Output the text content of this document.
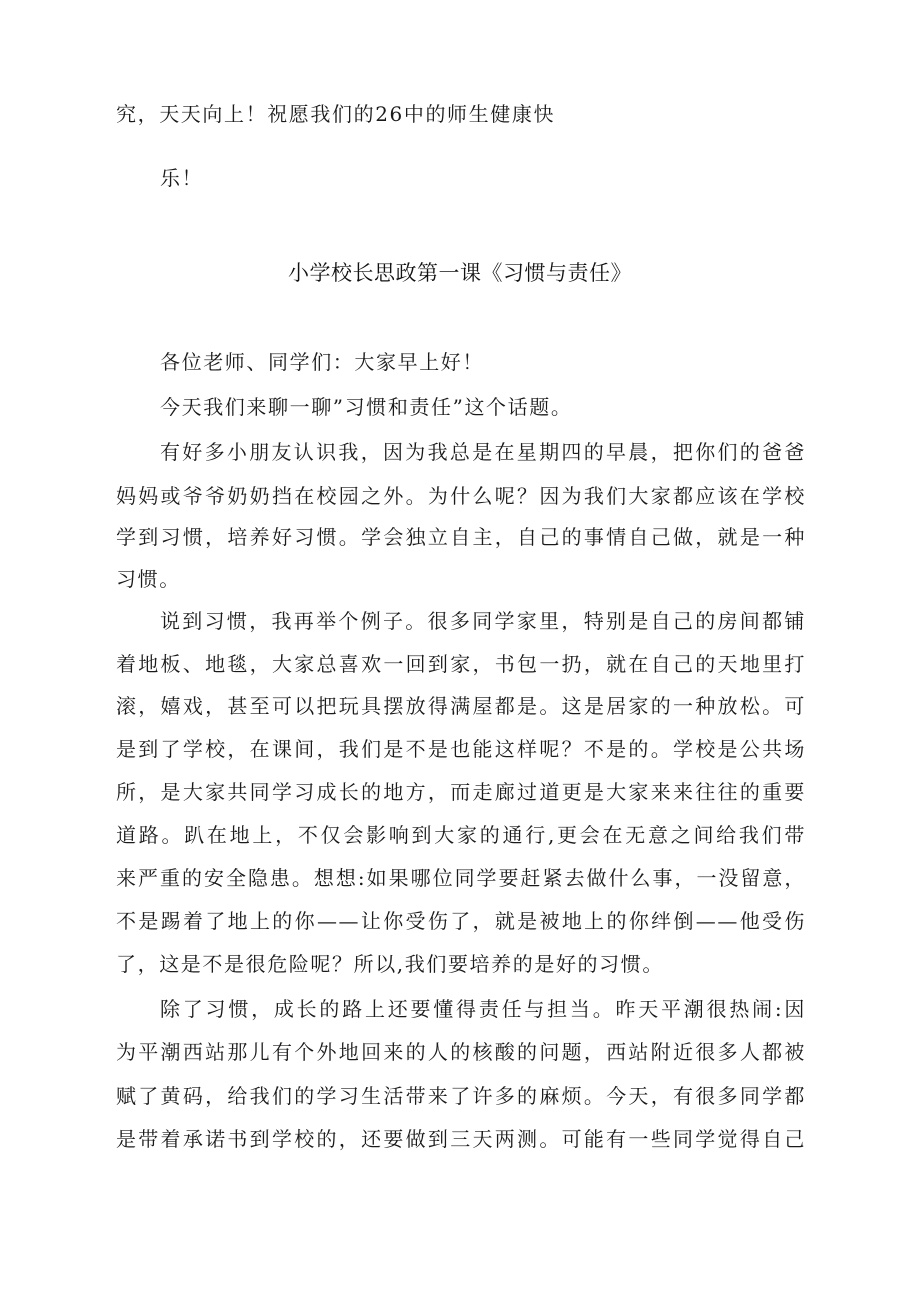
究，天天向上！祝愿我们的26中的师生健康快
乐！
小学校长思政第一课《习惯与责任》
各位老师、同学们：大家早上好！
今天我们来聊一聊”习惯和责任”这个话题。
有好多小朋友认识我，因为我总是在星期四的早晨，把你们的爸爸
妈妈或爷爷奶奶挡在校园之外。为什么呢？因为我们大家都应该在学校
学到习惯，培养好习惯。学会独立自主，自己的事情自己做，就是一种
习惯。
说到习惯，我再举个例子。很多同学家里，特别是自己的房间都铺
着地板、地毯，大家总喜欢一回到家，书包一扔，就在自己的天地里打
滚，嬉戏，甚至可以把玩具摆放得满屋都是。这是居家的一种放松。可
是到了学校，在课间，我们是不是也能这样呢？不是的。学校是公共场
所，是大家共同学习成长的地方，而走廊过道更是大家来来往往的重要
道路。趴在地上，不仅会影响到大家的通行,更会在无意之间给我们带
来严重的安全隐患。想想:如果哪位同学要赶紧去做什么事，一没留意，
不是踢着了地上的你——让你受伤了，就是被地上的你绊倒——他受伤
了，这是不是很危险呢？所以,我们要培养的是好的习惯。
除了习惯，成长的路上还要懂得责任与担当。昨天平潮很热闹:因
为平潮西站那儿有个外地回来的人的核酸的问题，西站附近很多人都被
赋了黄码，给我们的学习生活带来了许多的麻烦。今天，有很多同学都
是带着承诺书到学校的，还要做到三天两测。可能有一些同学觉得自己
